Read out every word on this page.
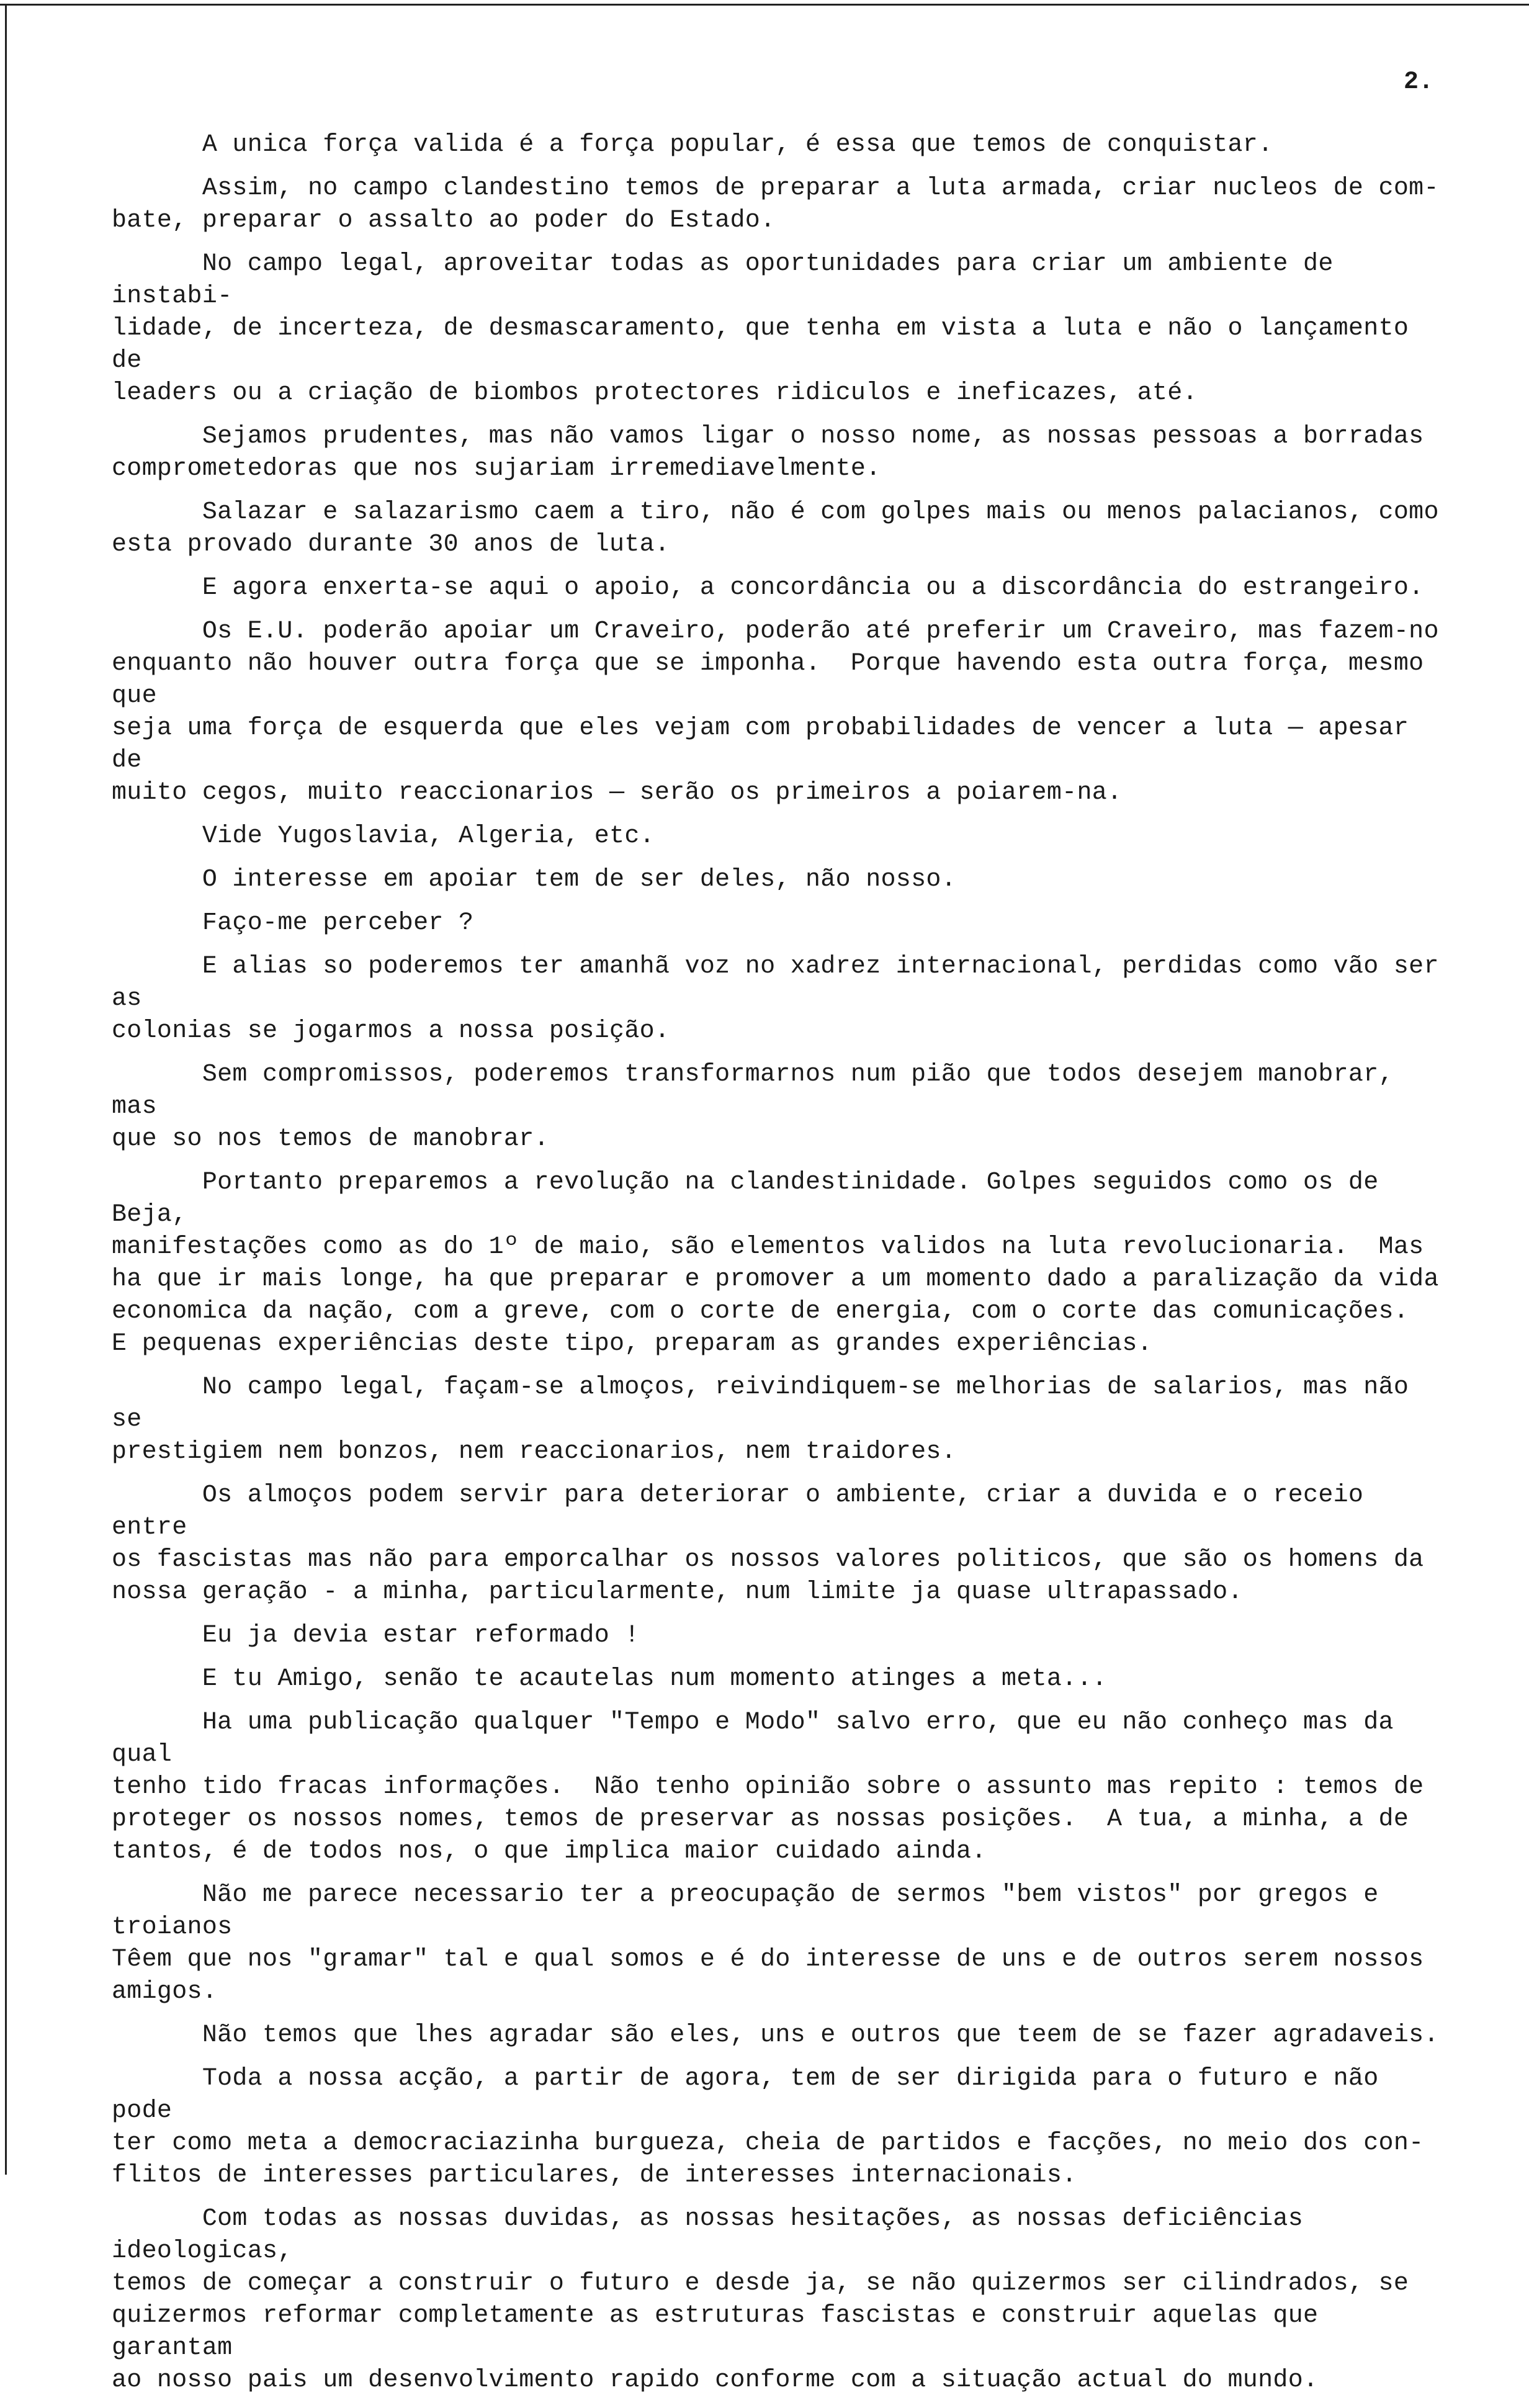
2.

A unica força valida é a força popular, é essa que temos de conquistar.

Assim, no campo clandestino temos de preparar a luta armada, criar nucleos de com-
bate, preparar o assalto ao poder do Estado.

No campo legal, aproveitar todas as oportunidades para criar um ambiente de instabi-
lidade, de incerteza, de desmascaramento, que tenha em vista a luta e não o lançamento de
leaders ou a criação de biombos protectores ridiculos e ineficazes, até.

Sejamos prudentes, mas não vamos ligar o nosso nome, as nossas pessoas a borradas
comprometedoras que nos sujariam irremediavelmente.

Salazar e salazarismo caem a tiro, não é com golpes mais ou menos palacianos, como
esta provado durante 30 anos de luta.

E agora enxerta-se aqui o apoio, a concordância ou a discordância do estrangeiro.

Os E.U. poderão apoiar um Craveiro, poderão até preferir um Craveiro, mas fazem-no
enquanto não houver outra força que se imponha.  Porque havendo esta outra força, mesmo que
seja uma força de esquerda que eles vejam com probabilidades de vencer a luta — apesar de
muito cegos, muito reaccionarios — serão os primeiros a poiarem-na.

Vide Yugoslavia, Algeria, etc.

O interesse em apoiar tem de ser deles, não nosso.

Faço-me perceber ?

E alias so poderemos ter amanhã voz no xadrez internacional, perdidas como vão ser as
colonias se jogarmos a nossa posição.

Sem compromissos, poderemos transformarnos num pião que todos desejem manobrar, mas
que so nos temos de manobrar.

Portanto preparemos a revolução na clandestinidade. Golpes seguidos como os de Beja,
manifestações como as do 1º de maio, são elementos validos na luta revolucionaria.  Mas
ha que ir mais longe, ha que preparar e promover a um momento dado a paralização da vida
economica da nação, com a greve, com o corte de energia, com o corte das comunicações.
E pequenas experiências deste tipo, preparam as grandes experiências.

No campo legal, façam-se almoços, reivindiquem-se melhorias de salarios, mas não se
prestigiem nem bonzos, nem reaccionarios, nem traidores.

Os almoços podem servir para deteriorar o ambiente, criar a duvida e o receio entre
os fascistas mas não para emporcalhar os nossos valores politicos, que são os homens da
nossa geração - a minha, particularmente, num limite ja quase ultrapassado.

Eu ja devia estar reformado !

E tu Amigo, senão te acautelas num momento atinges a meta...

Ha uma publicação qualquer "Tempo e Modo" salvo erro, que eu não conheço mas da qual
tenho tido fracas informações.  Não tenho opinião sobre o assunto mas repito : temos de
proteger os nossos nomes, temos de preservar as nossas posições.  A tua, a minha, a de
tantos, é de todos nos, o que implica maior cuidado ainda.

Não me parece necessario ter a preocupação de sermos "bem vistos" por gregos e troianos
Têem que nos "gramar" tal e qual somos e é do interesse de uns e de outros serem nossos
amigos.

Não temos que lhes agradar são eles, uns e outros que teem de se fazer agradaveis.

Toda a nossa acção, a partir de agora, tem de ser dirigida para o futuro e não pode
ter como meta a democraciazinha burgueza, cheia de partidos e facções, no meio dos con-
flitos de interesses particulares, de interesses internacionais.

Com todas as nossas duvidas, as nossas hesitações, as nossas deficiências ideologicas,
temos de começar a construir o futuro e desde ja, se não quizermos ser cilindrados, se
quizermos reformar completamente as estruturas fascistas e construir aquelas que garantam
ao nosso pais um desenvolvimento rapido conforme com a situação actual do mundo.
